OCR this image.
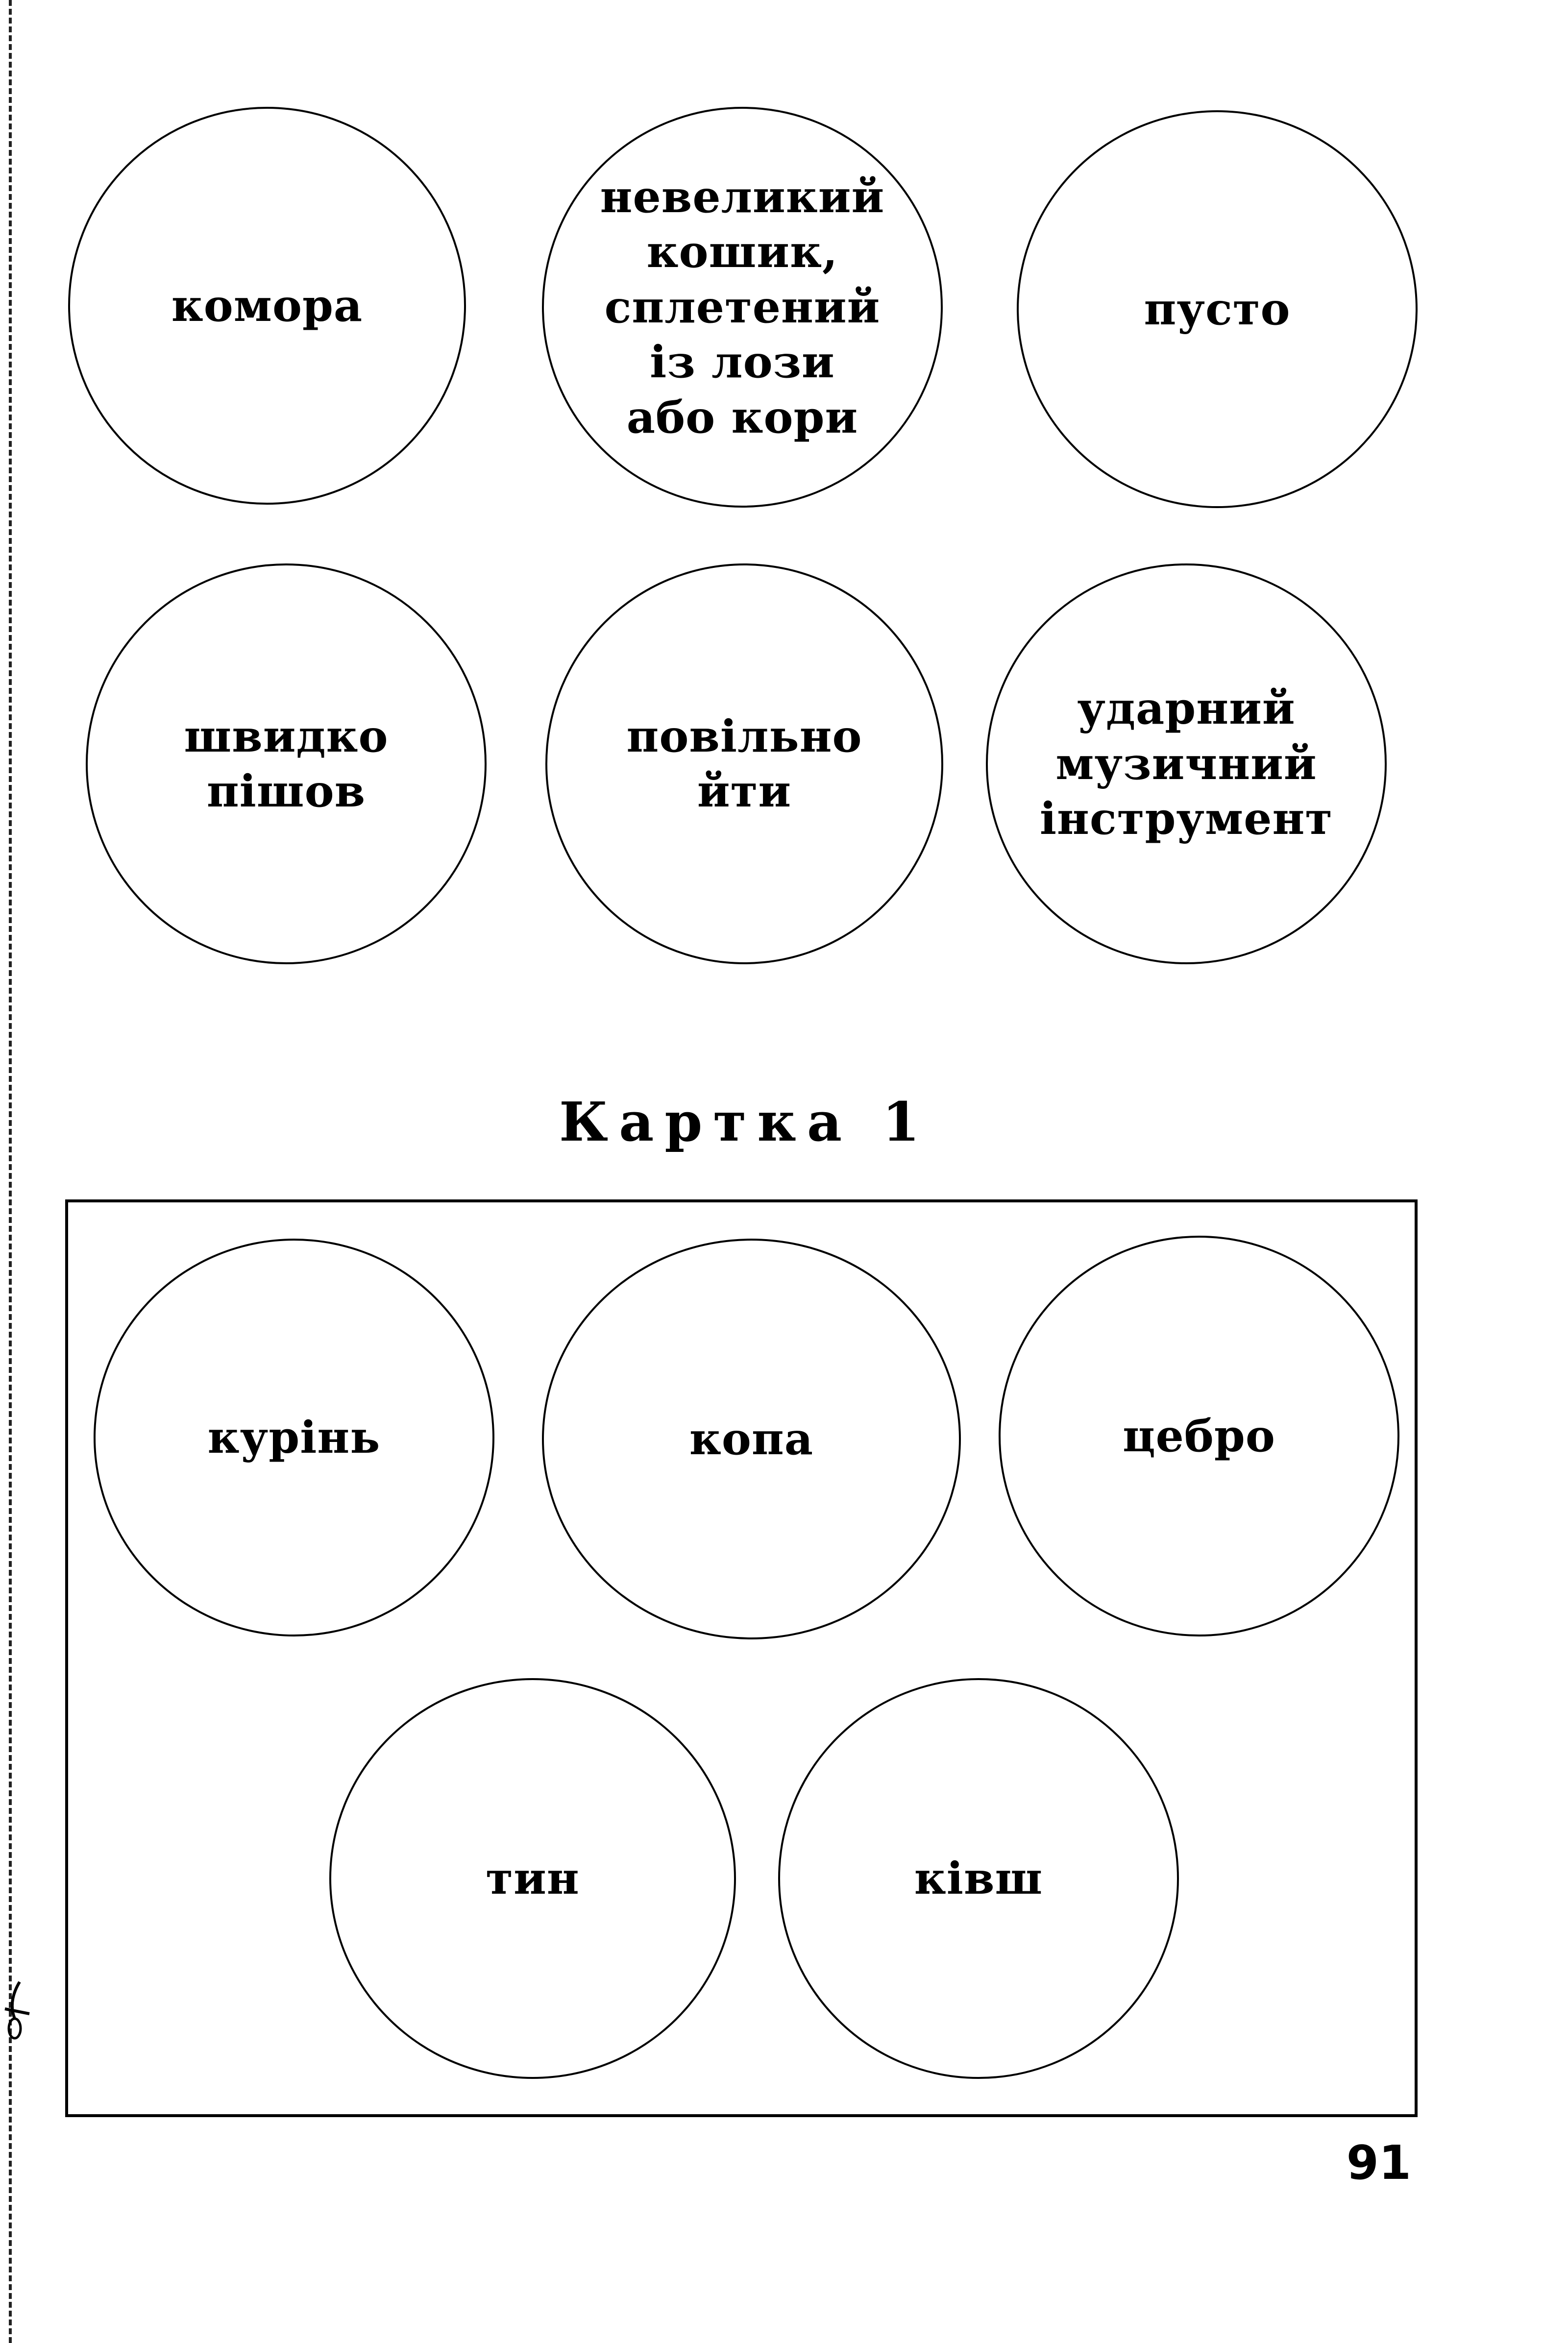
комора
невеликий
кошик,
сплетений
із лози
або кори
пусто
швидко
пішов
повільно
йти
ударний
музичний
інструмент
Картка 1
курінь	копа	цебро
тин	ківш
91
